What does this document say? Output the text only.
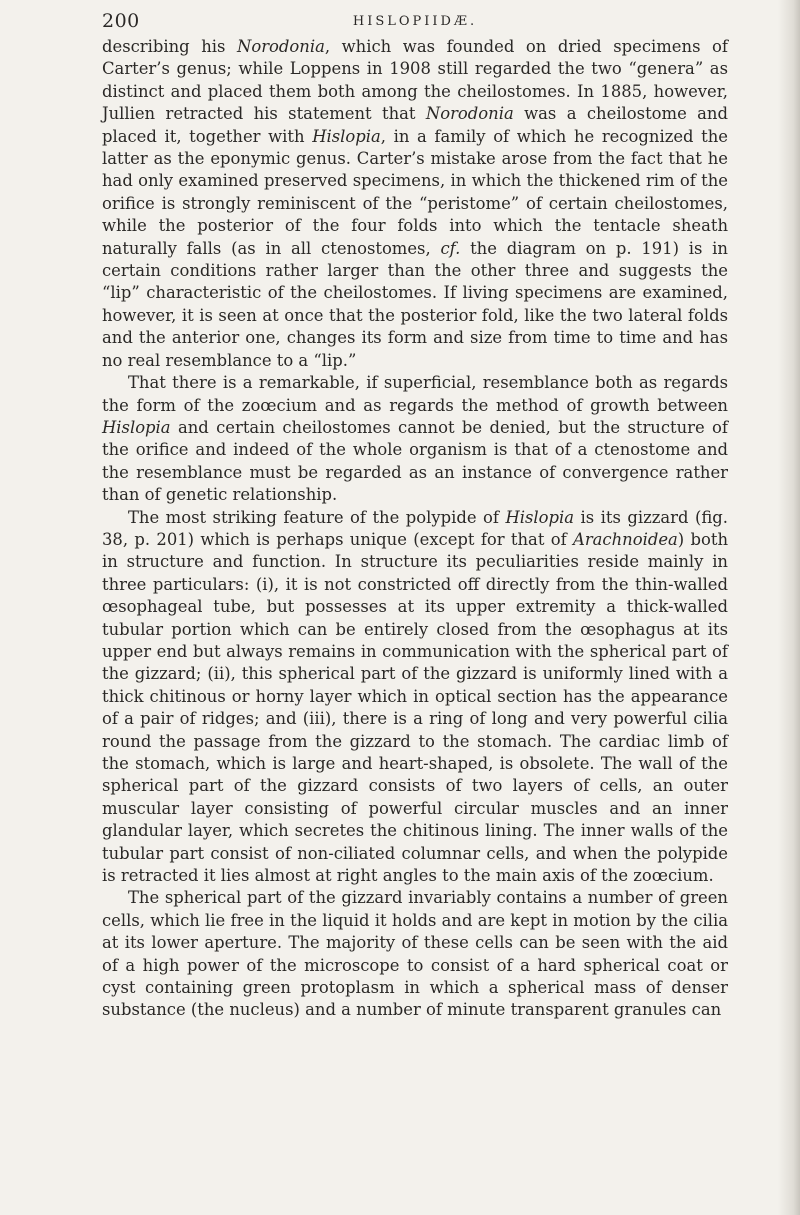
200	HISLOPIIDÆ.

describing his Norodonia, which was founded on dried specimens of Carter’s genus; while Loppens in 1908 still regarded the two “genera” as distinct and placed them both among the cheilostomes. In 1885, however, Jullien retracted his statement that Norodonia was a cheilostome and placed it, together with Hislopia, in a family of which he recognized the latter as the eponymic genus. Carter’s mistake arose from the fact that he had only examined preserved specimens, in which the thickened rim of the orifice is strongly reminiscent of the “peristome” of certain cheilostomes, while the posterior of the four folds into which the tentacle sheath naturally falls (as in all ctenostomes, cf. the diagram on p. 191) is in certain conditions rather larger than the other three and suggests the “lip” characteristic of the cheilostomes. If living specimens are examined, however, it is seen at once that the posterior fold, like the two lateral folds and the anterior one, changes its form and size from time to time and has no real resemblance to a “lip.”

That there is a remarkable, if superficial, resemblance both as regards the form of the zoœcium and as regards the method of growth between Hislopia and certain cheilostomes cannot be denied, but the structure of the orifice and indeed of the whole organism is that of a ctenostome and the resemblance must be regarded as an instance of convergence rather than of genetic relationship.

The most striking feature of the polypide of Hislopia is its gizzard (fig. 38, p. 201) which is perhaps unique (except for that of Arachnoidea) both in structure and function. In structure its peculiarities reside mainly in three particulars: (i), it is not constricted off directly from the thin-walled œsophageal tube, but possesses at its upper extremity a thick-walled tubular portion which can be entirely closed from the œsophagus at its upper end but always remains in communication with the spherical part of the gizzard; (ii), this spherical part of the gizzard is uniformly lined with a thick chitinous or horny layer which in optical section has the appearance of a pair of ridges; and (iii), there is a ring of long and very powerful cilia round the passage from the gizzard to the stomach. The cardiac limb of the stomach, which is large and heart-shaped, is obsolete. The wall of the spherical part of the gizzard consists of two layers of cells, an outer muscular layer consisting of powerful circular muscles and an inner glandular layer, which secretes the chitinous lining. The inner walls of the tubular part consist of non-ciliated columnar cells, and when the polypide is retracted it lies almost at right angles to the main axis of the zoœcium.

The spherical part of the gizzard invariably contains a number of green cells, which lie free in the liquid it holds and are kept in motion by the cilia at its lower aperture. The majority of these cells can be seen with the aid of a high power of the microscope to consist of a hard spherical coat or cyst containing green protoplasm in which a spherical mass of denser substance (the nucleus) and a number of minute transparent granules can
